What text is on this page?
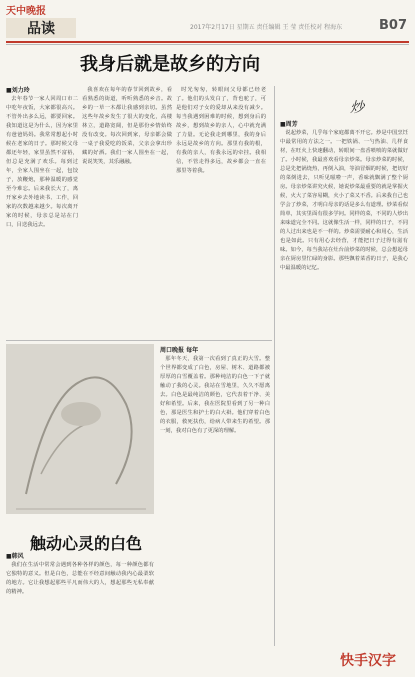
天中晚报
品读	2017年2月17日 星期五 责任编辑 王 莹 责任校对 程海东	B07
我身后就是故乡的方向
■刘力玲

去年春节一家人回周口市二中吃年夜饭，大家都很高兴。不管外出多么远，都要回家。我知道这是为什么，因为家里有爸爸妈妈。我常常想起小时候在老家的日子。那时候父母都还年轻，家里虽然不富裕，但总是充满了欢乐。每到过年，全家人围坐在一起，包饺子，放鞭炮，那种温暖的感觉至今难忘。后来我长大了，离开家乡去外地读书、工作，回家的次数越来越少。每次离开家的时候，母亲总是站在门口，目送我远去。

我喜欢在每年的春节回到故乡，看看熟悉的街道，听听熟悉的乡音。故乡的一草一木都让我感到亲切。虽然这些年故乡发生了很大的变化，高楼林立，道路宽阔，但是那份乡情始终没有改变。每次回到家，母亲都会做一桌子我爱吃的饭菜，父亲会拿出珍藏的好酒。我们一家人围坐在一起，说说笑笑，其乐融融。

时光匆匆，转眼间父母都已经老了。他们的头发白了，背也驼了，可是他们对子女的爱却从来没有减少。每当我遇到困难的时候，想到身后的故乡，想到故乡的亲人，心中就充满了力量。无论我走到哪里，我的身后永远是故乡的方向。那里有我的根，有我的亲人，有我永远的牵挂。我相信，不管走得多远，故乡都会一直在那里等着我。

炒
■周芳

说起炒菜，几乎每个家庭都离不开它。炒是中国烹饪中最常用的方法之一。一把铁锅、一勺热油、几样食材，在旺火上快速翻动，转眼间一盘香喷喷的菜就做好了。小时候，我最喜欢看母亲炒菜。母亲炒菜的时候，总是先把锅烧热，再倒入油，等油冒烟的时候，把切好的菜倒进去，只听见嗞啦一声，香味就飘满了整个厨房。母亲炒菜讲究火候，她说炒菜最重要的就是掌握火候，火大了菜容易糊，火小了菜又不香。后来我自己也学会了炒菜，才明白母亲的话是多么有道理。炒菜看似简单，其实里面有很多学问。同样的菜，不同的人炒出来味道完全不同。这就像生活一样，同样的日子，不同的人过出来也是不一样的。炒菜需要耐心和用心，生活也是如此。只有用心去经营，才能把日子过得有滋有味。如今，每当我站在灶台前炒菜的时候，总会想起母亲在厨房里忙碌的身影。那些飘着菜香的日子，是我心中最温暖的记忆。

触动心灵的白色
■韩风

我们在生活中常常会遇到各种各样的颜色，每一种颜色都有它独特的意义。但是白色，总能在不经意间触动我内心最柔软的地方。它让我想起那些平凡而伟大的人，想起那些无私奉献的精神。

周口晚报 每年

那年冬天，我第一次看到了真正的大雪。整个世界都变成了白色，房屋、树木、道路都被厚厚的白雪覆盖着。那种纯洁的白色一下子就触动了我的心灵。我站在雪地里，久久不愿离去。白色是最纯洁的颜色，它代表着干净、美好和希望。后来，我在医院里看到了另一种白色，那是医生和护士的白大褂。他们穿着白色的衣服，救死扶伤，给病人带来生的希望。那一刻，我对白色有了更深的理解。

快手汉字
